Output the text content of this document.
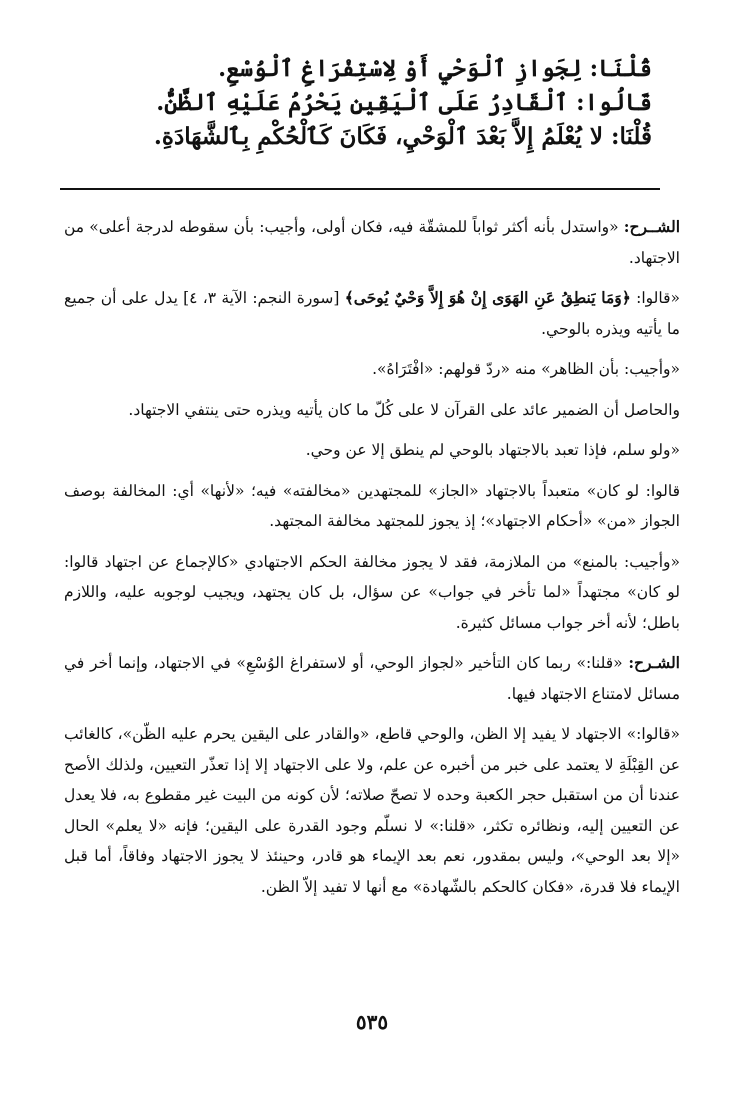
قُلْنَا: لِجَوازِ ٱلْوَحْيِ أَوْ لِاسْتِفْرَاغِ ٱلْوُسْعِ.

قَالُوا: ٱلْقَادِرُ عَلَى ٱلْيَقِينِ يَحْرُمُ عَلَيْهِ ٱلظَّنُّ.

قُلْنَا: لا يُعْلَمُ إِلاَّ بَعْدَ ٱلْوَحْيِ، فَكَانَ كَٱلْحُكْمِ بِٱلشَّهَادَةِ.

الشــرح: «واستدل بأنه أكثر ثواباً للمشقّة فيه، فكان أولى، وأجيب: بأن سقوطه لدرجة أعلى» من الاجتهاد.

«قالوا: ﴿وَمَا يَنطِقُ عَنِ الهَوَى إِنْ هُوَ إِلاَّ وَحْيٌ يُوحَى﴾ [سورة النجم: الآية ٣، ٤] يدل على أن جميع ما يأتيه ويذره بالوحي.

«وأجيب: بأن الظاهر» منه «ردّ قولهم: «افْتَرَاهُ».

والحاصل أن الضمير عائد على القرآن لا على كُلّ ما كان يأتيه ويذره حتى ينتفي الاجتهاد.

«ولو سلم، فإذا تعبد بالاجتهاد بالوحي لم ينطق إلا عن وحي.

قالوا: لو كان» متعبداً بالاجتهاد «الجاز» للمجتهدين «مخالفته» فيه؛ «لأنها» أي: المخالفة بوصف الجواز «من» «أحكام الاجتهاد»؛ إذ يجوز للمجتهد مخالفة المجتهد.

«وأجيب: بالمنع» من الملازمة، فقد لا يجوز مخالفة الحكم الاجتهادي «كالإجماع عن اجتهاد قالوا: لو كان» مجتهداً «لما تأخر في جواب» عن سؤال، بل كان يجتهد، ويجيب لوجوبه عليه، واللازم باطل؛ لأنه أخر جواب مسائل كثيرة.

الشـرح: «قلنا:» ربما كان التأخير «لجواز الوحي، أو لاستفراغ الوُسْعِ» في الاجتهاد، وإنما أخر في مسائل لامتناع الاجتهاد فيها.

«قالوا:» الاجتهاد لا يفيد إلا الظن، والوحي قاطع، «والقادر على اليقين يحرم عليه الظّن»، كالغائب عن القِبْلَةِ لا يعتمد على خبر من أخبره عن علم، ولا على الاجتهاد إلا إذا تعذّر التعيين، ولذلك الأصح عندنا أن من استقبل حجر الكعبة وحده لا تصحّ صلاته؛ لأن كونه من البيت غير مقطوع به، فلا يعدل عن التعيين إليه، ونظائره تكثر، «قلنا:» لا نسلّم وجود القدرة على اليقين؛ فإنه «لا يعلم» الحال «إلا بعد الوحي»، وليس بمقدور، نعم بعد الإيماء هو قادر، وحينئذ لا يجوز الاجتهاد وفاقاً، أما قبل الإيماء فلا قدرة، «فكان كالحكم بالشّهادة» مع أنها لا تفيد إلاّ الظن.

٥٣٥
